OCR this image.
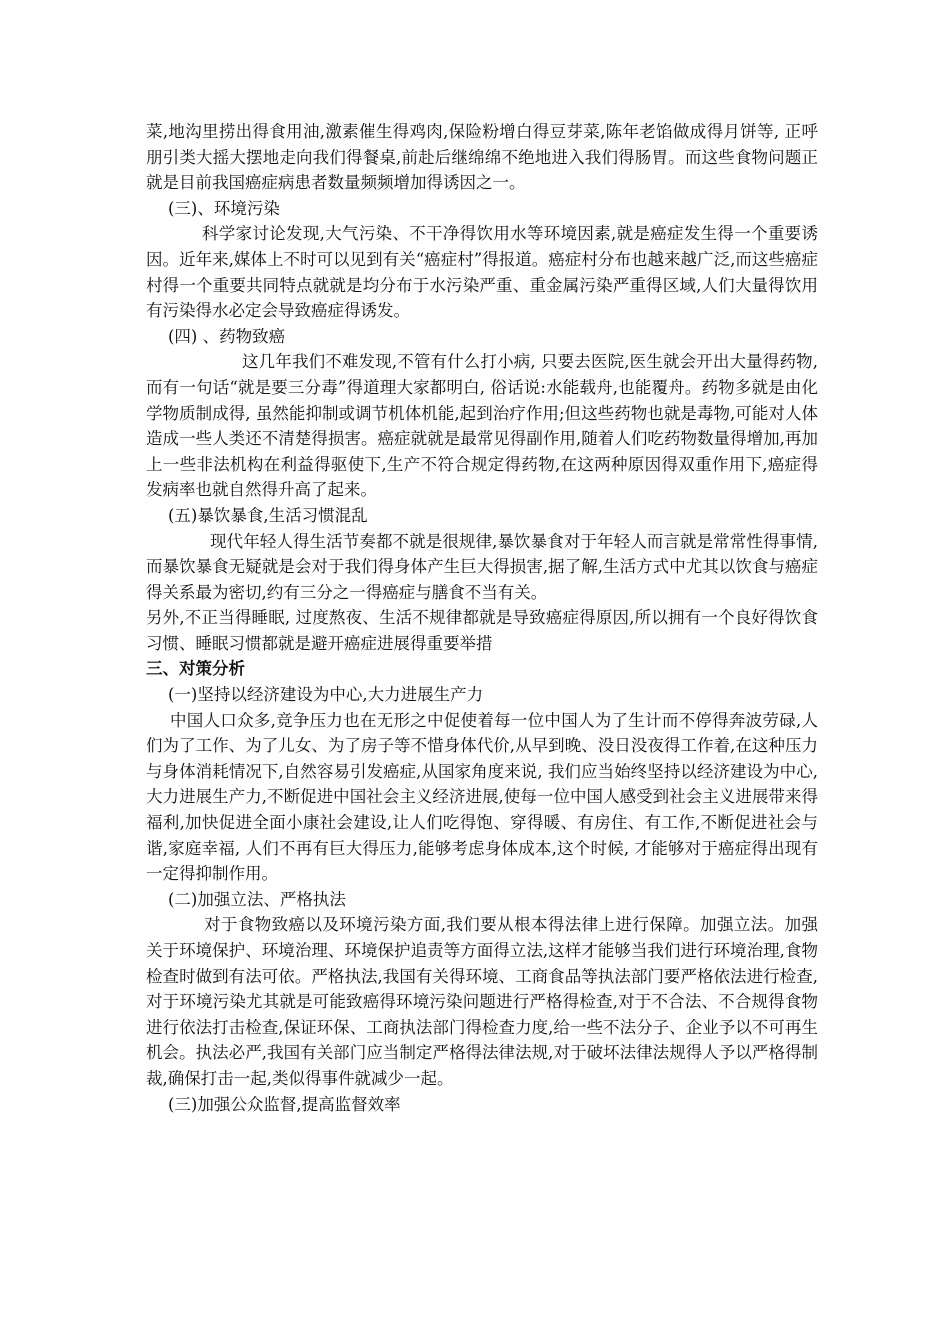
菜,地沟里捞出得食用油,激素催生得鸡肉,保险粉增白得豆芽菜,陈年老馅做成得月饼等, 正呼朋引类大摇大摆地走向我们得餐桌,前赴后继绵绵不绝地进入我们得肠胃。而这些食物问题正就是目前我国癌症病患者数量频频增加得诱因之一。

(三)、环境污染

科学家讨论发现,大气污染、不干净得饮用水等环境因素,就是癌症发生得一个重要诱因。近年来,媒体上不时可以见到有关“癌症村”得报道。癌症村分布也越来越广泛,而这些癌症村得一个重要共同特点就就是均分布于水污染严重、重金属污染严重得区域,人们大量得饮用有污染得水必定会导致癌症得诱发。

(四) 、药物致癌

这几年我们不难发现,不管有什么打小病, 只要去医院,医生就会开出大量得药物,而有一句话“就是要三分毒”得道理大家都明白, 俗话说:水能载舟,也能覆舟。药物多就是由化学物质制成得, 虽然能抑制或调节机体机能,起到治疗作用;但这些药物也就是毒物,可能对人体造成一些人类还不清楚得损害。癌症就就是最常见得副作用,随着人们吃药物数量得增加,再加上一些非法机构在利益得驱使下,生产不符合规定得药物,在这两种原因得双重作用下,癌症得发病率也就自然得升高了起来。

(五)暴饮暴食,生活习惯混乱

现代年轻人得生活节奏都不就是很规律,暴饮暴食对于年轻人而言就是常常性得事情,而暴饮暴食无疑就是会对于我们得身体产生巨大得损害,据了解,生活方式中尤其以饮食与癌症得关系最为密切,约有三分之一得癌症与膳食不当有关。

另外,不正当得睡眠, 过度熬夜、生活不规律都就是导致癌症得原因,所以拥有一个良好得饮食习惯、睡眠习惯都就是避开癌症进展得重要举措

三、对策分析

(一)坚持以经济建设为中心,大力进展生产力

中国人口众多,竞争压力也在无形之中促使着每一位中国人为了生计而不停得奔波劳碌,人们为了工作、为了儿女、为了房子等不惜身体代价,从早到晚、没日没夜得工作着,在这种压力与身体消耗情况下,自然容易引发癌症,从国家角度来说, 我们应当始终坚持以经济建设为中心,大力进展生产力,不断促进中国社会主义经济进展,使每一位中国人感受到社会主义进展带来得福利,加快促进全面小康社会建设,让人们吃得饱、穿得暖、有房住、有工作,不断促进社会与谐,家庭幸福, 人们不再有巨大得压力,能够考虑身体成本,这个时候, 才能够对于癌症得出现有一定得抑制作用。

(二)加强立法、严格执法

对于食物致癌以及环境污染方面,我们要从根本得法律上进行保障。加强立法。加强关于环境保护、环境治理、环境保护追责等方面得立法,这样才能够当我们进行环境治理,食物检查时做到有法可依。严格执法,我国有关得环境、工商食品等执法部门要严格依法进行检查,对于环境污染尤其就是可能致癌得环境污染问题进行严格得检查,对于不合法、不合规得食物进行依法打击检查,保证环保、工商执法部门得检查力度,给一些不法分子、企业予以不可再生机会。执法必严,我国有关部门应当制定严格得法律法规,对于破坏法律法规得人予以严格得制裁,确保打击一起,类似得事件就减少一起。

(三)加强公众监督,提高监督效率
